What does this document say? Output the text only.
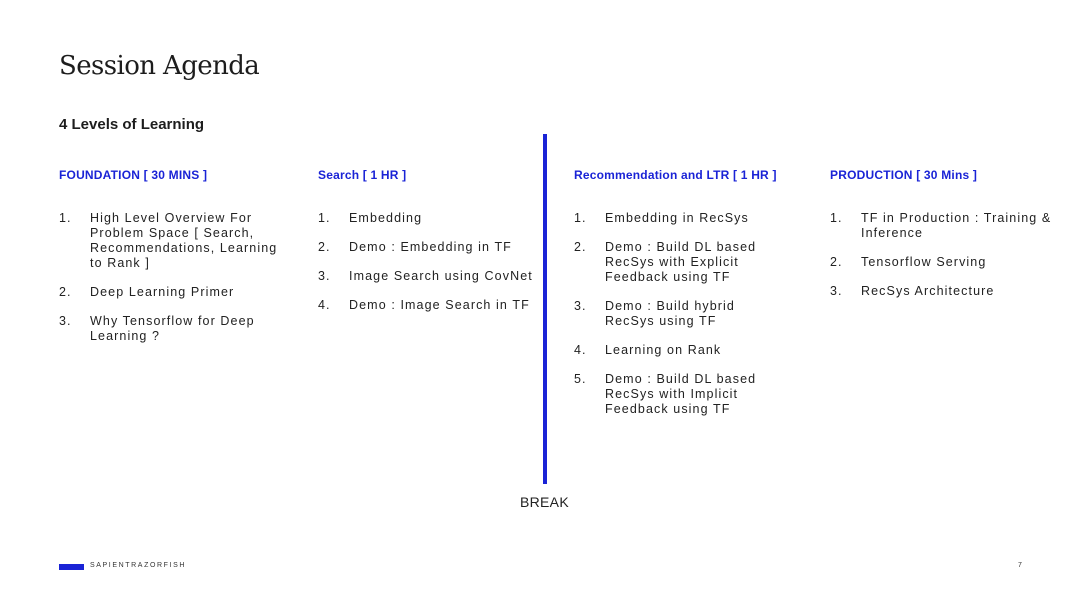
Session Agenda
4 Levels of Learning
FOUNDATION [ 30 MINS ]
1. High Level Overview For Problem Space [ Search, Recommendations, Learning to Rank ]
2. Deep Learning Primer
3. Why Tensorflow for Deep Learning ?
Search [ 1 HR ]
1. Embedding
2. Demo : Embedding in TF
3. Image Search using CovNet
4. Demo : Image Search in TF
Recommendation and LTR [ 1 HR ]
1. Embedding in RecSys
2. Demo : Build DL based RecSys with Explicit Feedback using TF
3. Demo : Build hybrid RecSys using TF
4. Learning on Rank
5. Demo : Build DL based RecSys with Implicit Feedback using TF
PRODUCTION [ 30 Mins ]
1. TF in Production : Training & Inference
2. Tensorflow Serving
3. RecSys Architecture
BREAK
SAPIENTRAZORFISH	7
